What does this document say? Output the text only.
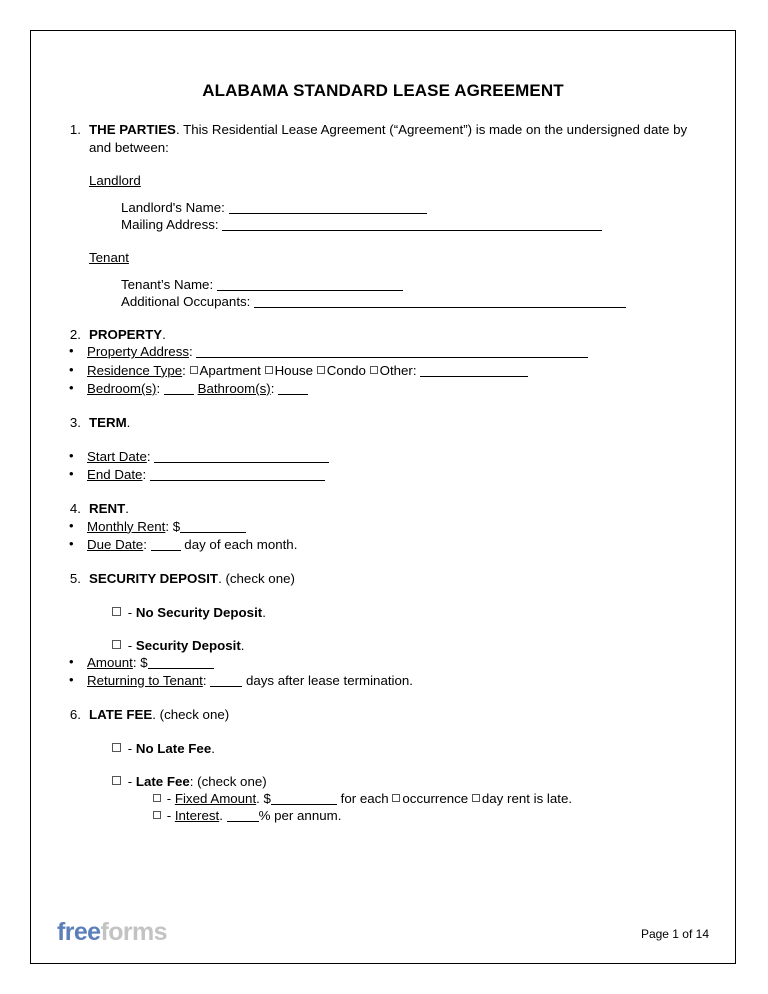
ALABAMA STANDARD LEASE AGREEMENT
1. THE PARTIES. This Residential Lease Agreement (“Agreement”) is made on the undersigned date by and between:
Landlord
Landlord's Name:
Mailing Address:
Tenant
Tenant’s Name:
Additional Occupants:
2. PROPERTY.
• Property Address:
• Residence Type: Apartment House Condo Other:
• Bedroom(s):	Bathroom(s):
3. TERM.
• Start Date:
• End Date:
4. RENT.
• Monthly Rent: $
• Due Date:	day of each month.
5. SECURITY DEPOSIT. (check one)
- No Security Deposit.
- Security Deposit.
• Amount: $
• Returning to Tenant:	days after lease termination.
6. LATE FEE. (check one)
- No Late Fee.
- Late Fee: (check one)
- Fixed Amount. $	for each occurrence day rent is late.
- Interest.	% per annum.
freeforms	Page 1 of 14
